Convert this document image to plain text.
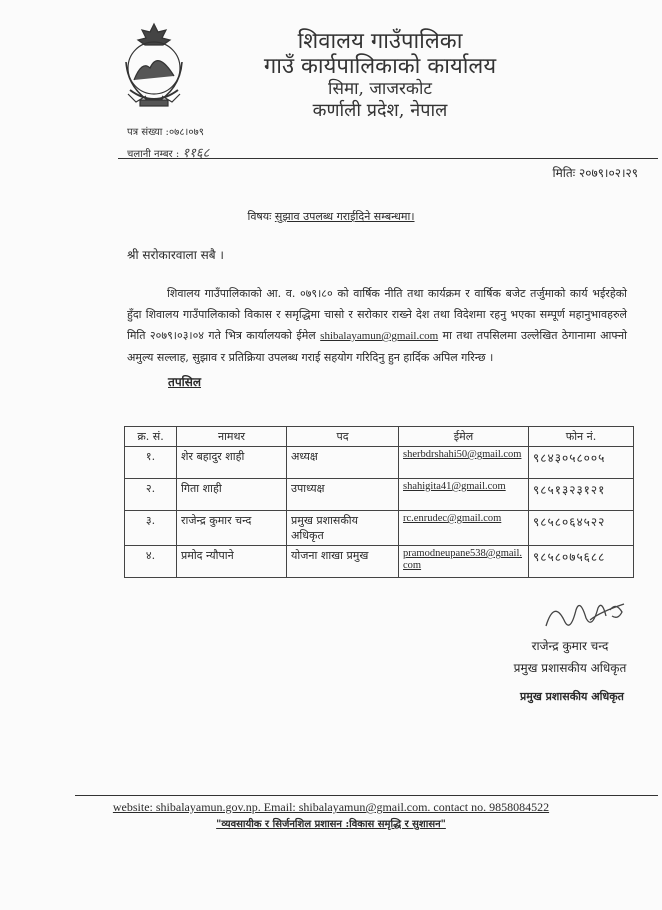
शिवालय गाउँपालिका
गाउँ कार्यपालिकाको कार्यालय
सिमा, जाजरकोट
कर्णाली प्रदेश, नेपाल
पत्र संख्या :०७८।०७९
चलानी नम्बर : ११६८
मितिः २०७९।०२।२९
विषयः सुझाव उपलब्ध गराईदिने सम्बन्धमा।
श्री सरोकारवाला सबै ।
शिवालय गाउँपालिकाको आ. व. ०७९।८० को वार्षिक नीति तथा कार्यक्रम र वार्षिक बजेट तर्जुमाको कार्य भईरहेको हुँदा शिवालय गाउँपालिकाको विकास र समृद्धिमा चासो र सरोकार राख्ने देश तथा विदेशमा रहनु भएका सम्पूर्ण महानुभावहरुले मिति २०७९।०३।०४ गते भित्र कार्यालयको ईमेल shibalayamun@gmail.com मा तथा तपसिलमा उल्लेखित ठेगानामा आफ्नो अमुल्य सल्लाह, सुझाव र प्रतिक्रिया उपलब्ध गराई सहयोग गरिदिनु हुन हार्दिक अपिल गरिन्छ ।
तपसिल
क्र. सं.	नामथर	पद	ईमेल	फोन नं.
१.	शेर बहादुर शाही	अध्यक्ष	sherbdrshahi50@gmail.com	९८४३०५८००५
२.	गिता शाही	उपाध्यक्ष	shahigita41@gmail.com	९८५१३२३१२१
३.	राजेन्द्र कुमार चन्द	प्रमुख प्रशासकीय अधिकृत	rc.enrudec@gmail.com	९८५८०६४५२२
४.	प्रमोद न्यौपाने	योजना शाखा प्रमुख	pramodneupane538@gmail.com	९८५८०७५६८८
राजेन्द्र कुमार चन्द
प्रमुख प्रशासकीय अधिकृत
प्रमुख प्रशासकीय अधिकृत
website: shibalayamun.gov.np. Email: shibalayamun@gmail.com. contact no. 9858084522
"व्यवसायीक र सिर्जनशिल प्रशासन :विकास समृद्धि र सुशासन"
